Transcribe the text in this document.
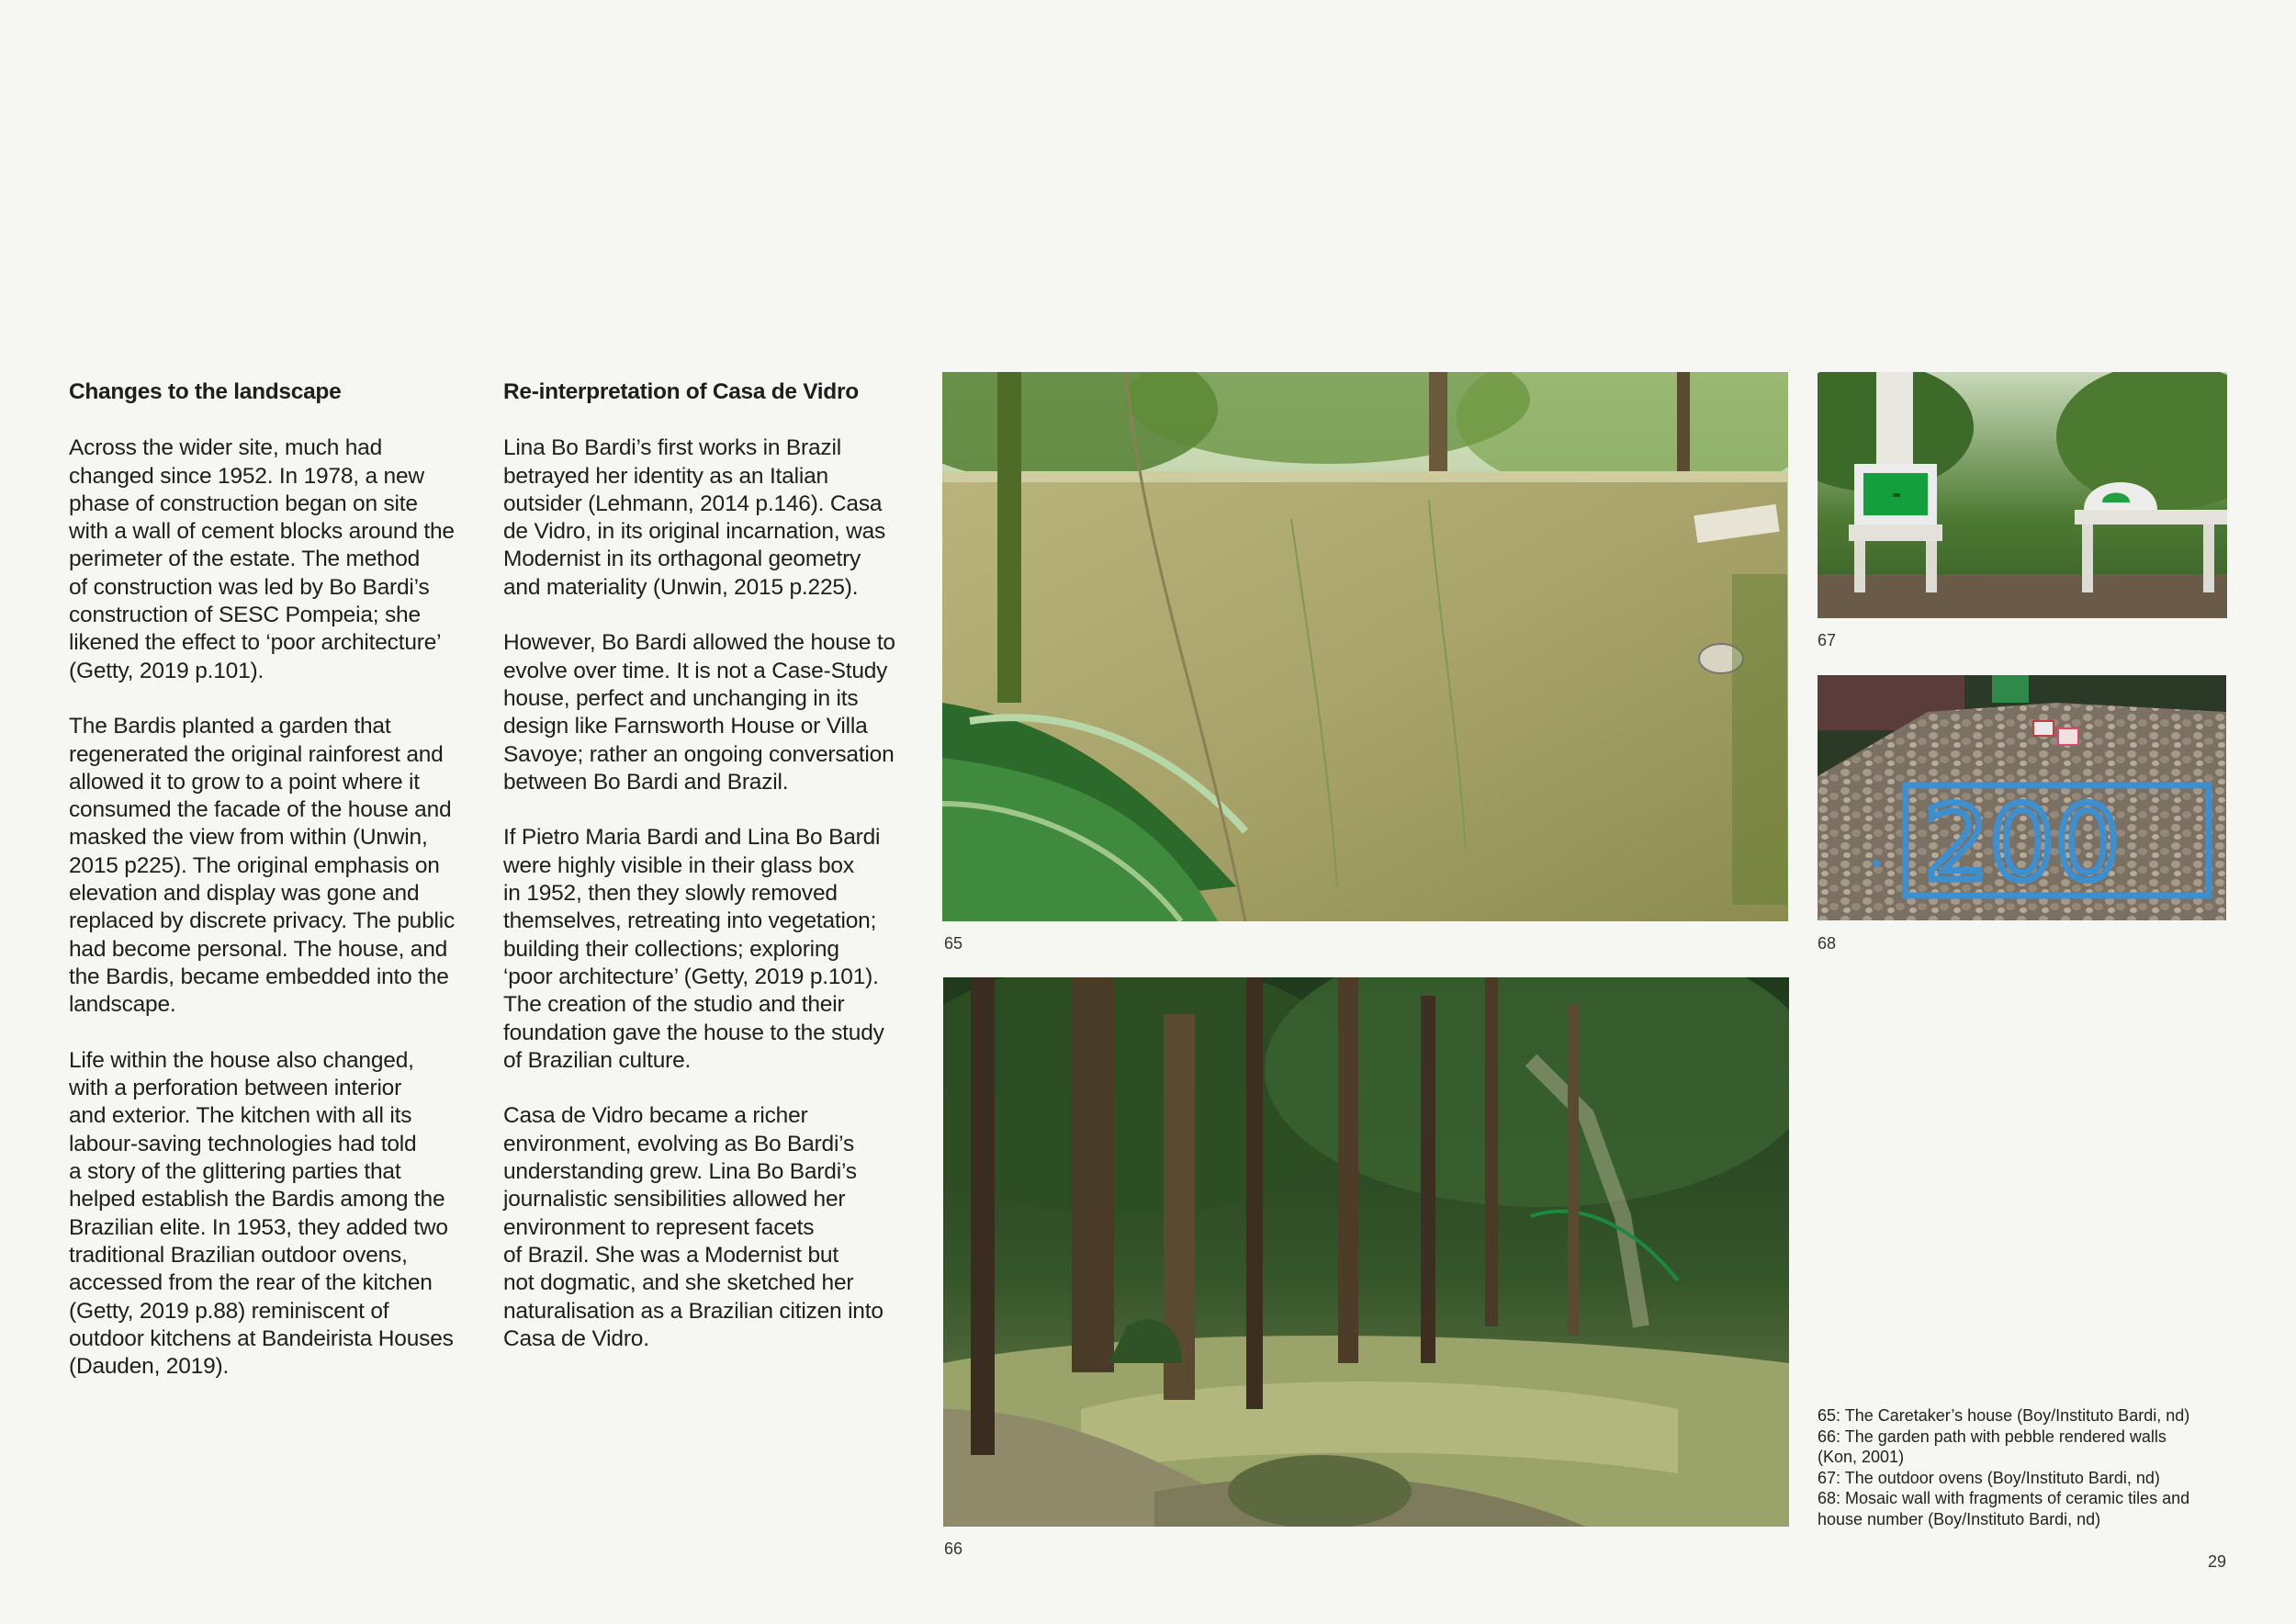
Changes to the landscape

Across the wider site, much had
changed since 1952. In 1978, a new
phase of construction began on site
with a wall of cement blocks around the
perimeter of the estate. The method
of construction was led by Bo Bardi’s
construction of SESC Pompeia; she
likened the effect to ‘poor architecture’
(Getty, 2019 p.101).

The Bardis planted a garden that
regenerated the original rainforest and
allowed it to grow to a point where it
consumed the facade of the house and
masked the view from within (Unwin,
2015 p225). The original emphasis on
elevation and display was gone and
replaced by discrete privacy. The public
had become personal. The house, and
the Bardis, became embedded into the
landscape.

Life within the house also changed,
with a perforation between interior
and exterior. The kitchen with all its
labour-saving technologies had told
a story of the glittering parties that
helped establish the Bardis among the
Brazilian elite. In 1953, they added two
traditional Brazilian outdoor ovens,
accessed from the rear of the kitchen
(Getty, 2019 p.88) reminiscent of
outdoor kitchens at Bandeirista Houses
(Dauden, 2019).

Re-interpretation of Casa de Vidro

Lina Bo Bardi’s first works in Brazil
betrayed her identity as an Italian
outsider (Lehmann, 2014 p.146). Casa
de Vidro, in its original incarnation, was
Modernist in its orthagonal geometry
and materiality (Unwin, 2015 p.225).

However, Bo Bardi allowed the house to
evolve over time. It is not a Case-Study
house, perfect and unchanging in its
design like Farnsworth House or Villa
Savoye; rather an ongoing conversation
between Bo Bardi and Brazil.

If Pietro Maria Bardi and Lina Bo Bardi
were highly visible in their glass box
in 1952, then they slowly removed
themselves, retreating into vegetation;
building their collections; exploring
‘poor architecture’ (Getty, 2019 p.101).
The creation of the studio and their
foundation gave the house to the study
of Brazilian culture.

Casa de Vidro became a richer
environment, evolving as Bo Bardi’s
understanding grew. Lina Bo Bardi’s
journalistic sensibilities allowed her
environment to represent facets
of Brazil. She was a Modernist but
not dogmatic, and she sketched her
naturalisation as a Brazilian citizen into
Casa de Vidro.

65
66
67
200
68
65: The Caretaker’s house (Boy/Instituto Bardi, nd)
66: The garden path with pebble rendered walls
(Kon, 2001)
67: The outdoor ovens (Boy/Instituto Bardi, nd)
68: Mosaic wall with fragments of ceramic tiles and
house number (Boy/Instituto Bardi, nd)
29
